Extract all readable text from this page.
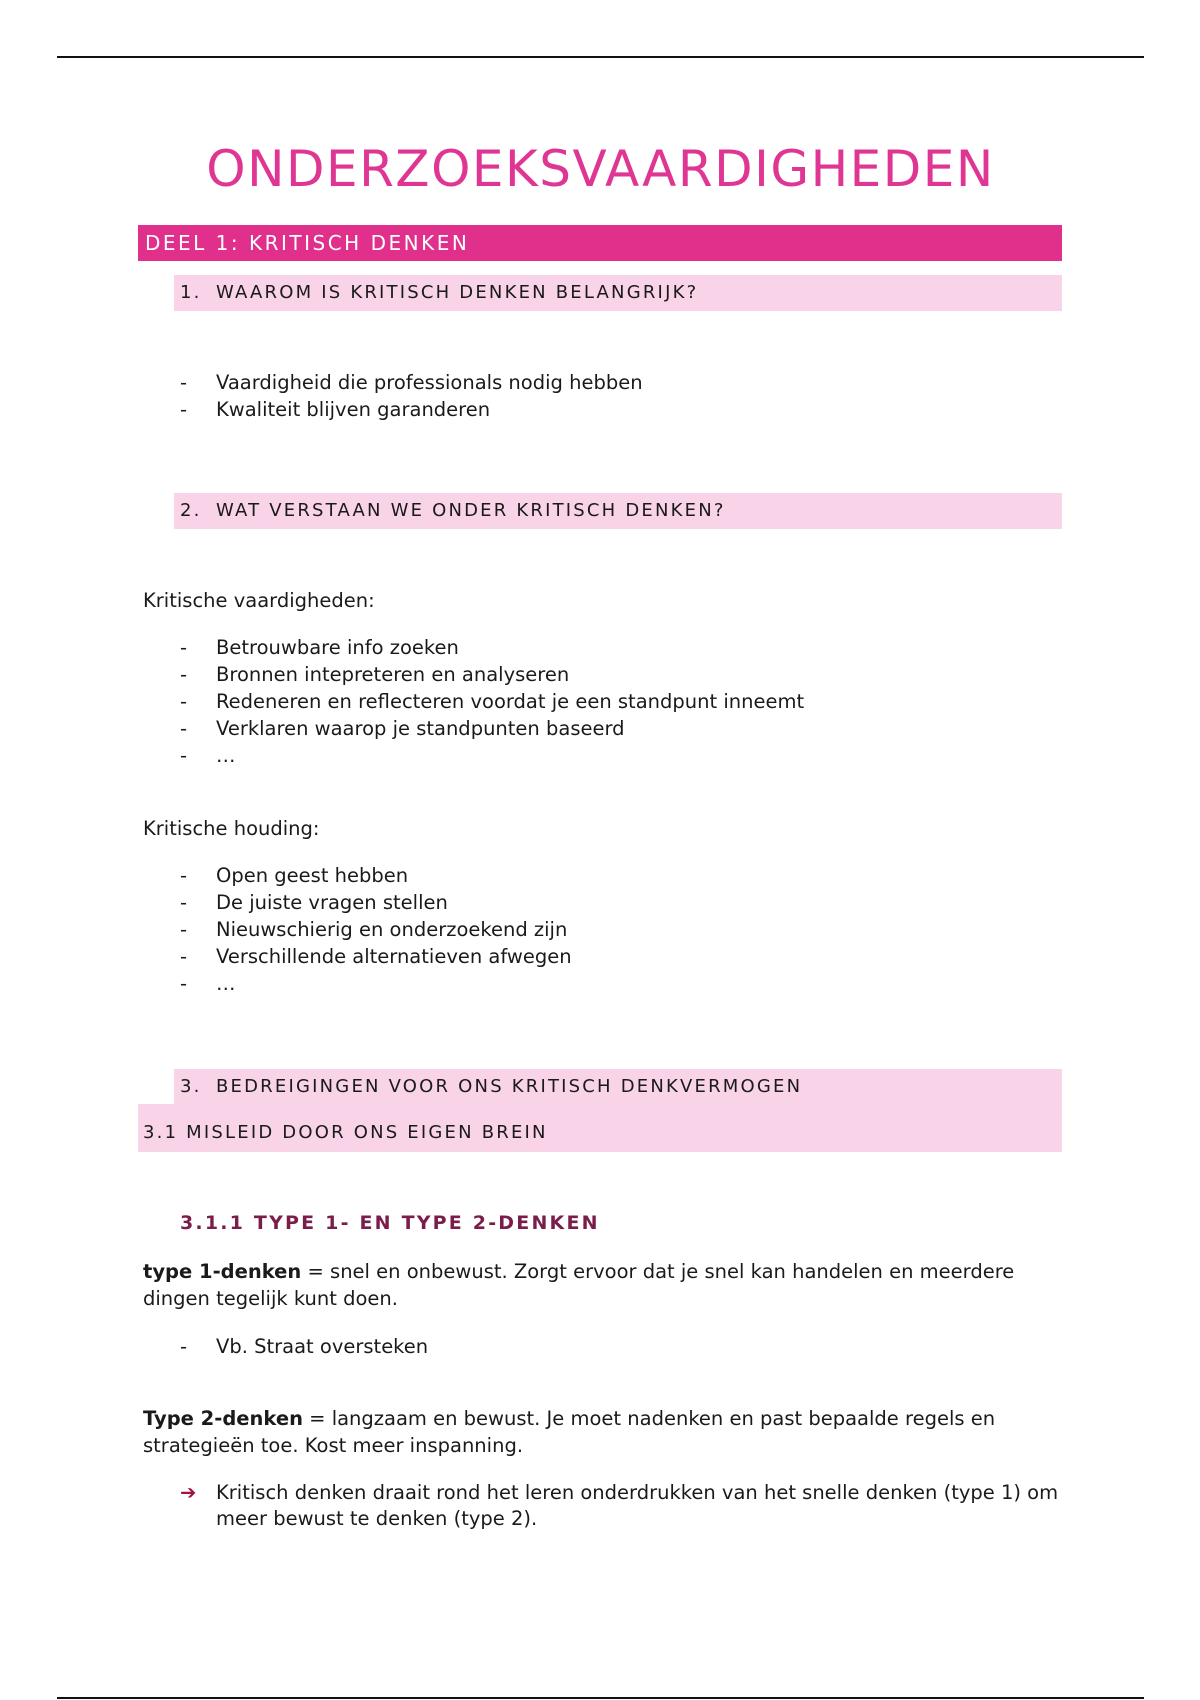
ONDERZOEKSVAARDIGHEDEN
DEEL 1: KRITISCH DENKEN
1. WAAROM IS KRITISCH DENKEN BELANGRIJK?
-	Vaardigheid die professionals nodig hebben
-	Kwaliteit blijven garanderen
2. WAT VERSTAAN WE ONDER KRITISCH DENKEN?

Kritische vaardigheden:

-	Betrouwbare info zoeken
-	Bronnen intepreteren en analyseren
-	Redeneren en reflecteren voordat je een standpunt inneemt
-	Verklaren waarop je standpunten baseerd
-	…

Kritische houding:

-	Open geest hebben
-	De juiste vragen stellen
-	Nieuwschierig en onderzoekend zijn
-	Verschillende alternatieven afwegen
-	…
3. BEDREIGINGEN VOOR ONS KRITISCH DENKVERMOGEN
3.1 MISLEID DOOR ONS EIGEN BREIN
3.1.1 TYPE 1- EN TYPE 2-DENKEN

type 1-denken = snel en onbewust. Zorgt ervoor dat je snel kan handelen en meerdere dingen tegelijk kunt doen.

-	Vb. Straat oversteken

Type 2-denken = langzaam en bewust. Je moet nadenken en past bepaalde regels en strategieën toe. Kost meer inspanning.

➔ Kritisch denken draait rond het leren onderdrukken van het snelle denken (type 1) om meer bewust te denken (type 2).
